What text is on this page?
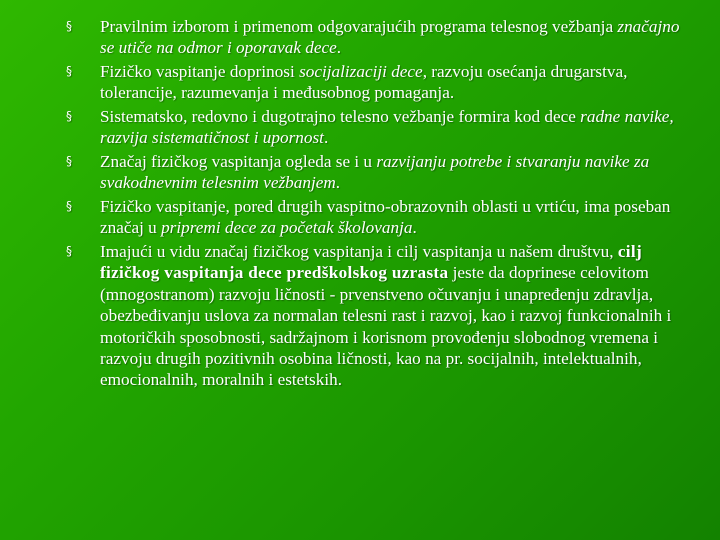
§ Pravilnim izborom i primenom odgovarajućih programa telesnog vežbanja značajno se utiče na odmor i oporavak dece.
§ Fizičko vaspitanje doprinosi socijalizaciji dece, razvoju osećanja drugarstva, tolerancije, razumevanja i međusobnog pomaganja.
§ Sistematsko, redovno i dugotrajno telesno vežbanje formira kod dece radne navike, razvija sistematičnost i upornost.
§ Značaj fizičkog vaspitanja ogleda se i u razvijanju potrebe i stvaranju navike za svakodnevnim telesnim vežbanjem.
§ Fizičko vaspitanje, pored drugih vaspitno-obrazovnih oblasti u vrtiću, ima poseban značaj u pripremi dece za početak školovanja.
§ Imajući u vidu značaj fizičkog vaspitanja i cilj vaspitanja u našem društvu, cilj fizičkog vaspitanja dece predškolskog uzrasta jeste da doprinese celovitom (mnogostranom) razvoju ličnosti - prvenstveno očuvanju i unapređenju zdravlja, obezbeđivanju uslova za normalan telesni rast i razvoj, kao i razvoj funkcionalnih i motoričkih sposobnosti, sadržajnom i korisnom provođenju slobodnog vremena i razvoju drugih pozitivnih osobina ličnosti, kao na pr. socijalnih, intelektualnih, emocionalnih, moralnih i estetskih.
